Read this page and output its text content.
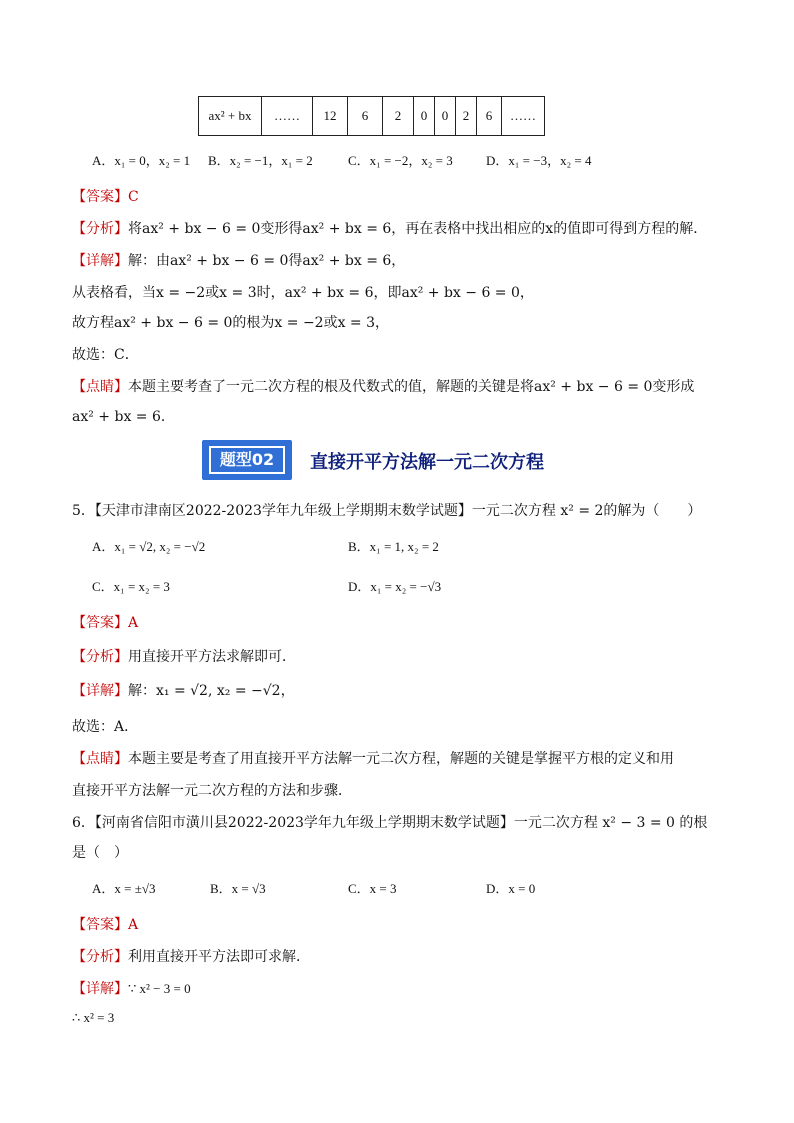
ax² + bx	……	12	6	2	0	0	2	6	……
A．x₁ = 0，x₂ = 1 B．x₂ = −1，x₁ = 2	C．x₁ = −2，x₂ = 3	D．x₁ = −3，x₂ = 4
【答案】C
【分析】将ax² + bx − 6 = 0变形得ax² + bx = 6，再在表格中找出相应的x的值即可得到方程的解．
【详解】解：由ax² + bx − 6 = 0得ax² + bx = 6，
从表格看，当x = −2或x = 3时，ax² + bx = 6，即ax² + bx − 6 = 0，
故方程ax² + bx − 6 = 0的根为x = −2或x = 3，
故选：C．
【点睛】本题主要考查了一元二次方程的根及代数式的值，解题的关键是将ax² + bx − 6 = 0变形成
ax² + bx = 6．
题型02	直接开平方法解一元二次方程
5．【天津市津南区2022-2023学年九年级上学期期末数学试题】一元二次方程 x² = 2的解为（　　）
A．x₁ = √2, x₂ = −√2	B．x₁ = 1, x₂ = 2
C．x₁ = x₂ = 3	D．x₁ = x₂ = −√3
【答案】A
【分析】用直接开平方法求解即可．
【详解】解：x₁ = √2, x₂ = −√2，
故选：A．
【点睛】本题主要是考查了用直接开平方法解一元二次方程，解题的关键是掌握平方根的定义和用
直接开平方法解一元二次方程的方法和步骤．
6．【河南省信阳市潢川县2022-2023学年九年级上学期期末数学试题】一元二次方程 x² − 3 = 0 的根
是（　）
A．x = ±√3	B．x = √3	C．x = 3	D．x = 0
【答案】A
【分析】利用直接开平方法即可求解．
【详解】∵ x² − 3 = 0
∴ x² = 3
